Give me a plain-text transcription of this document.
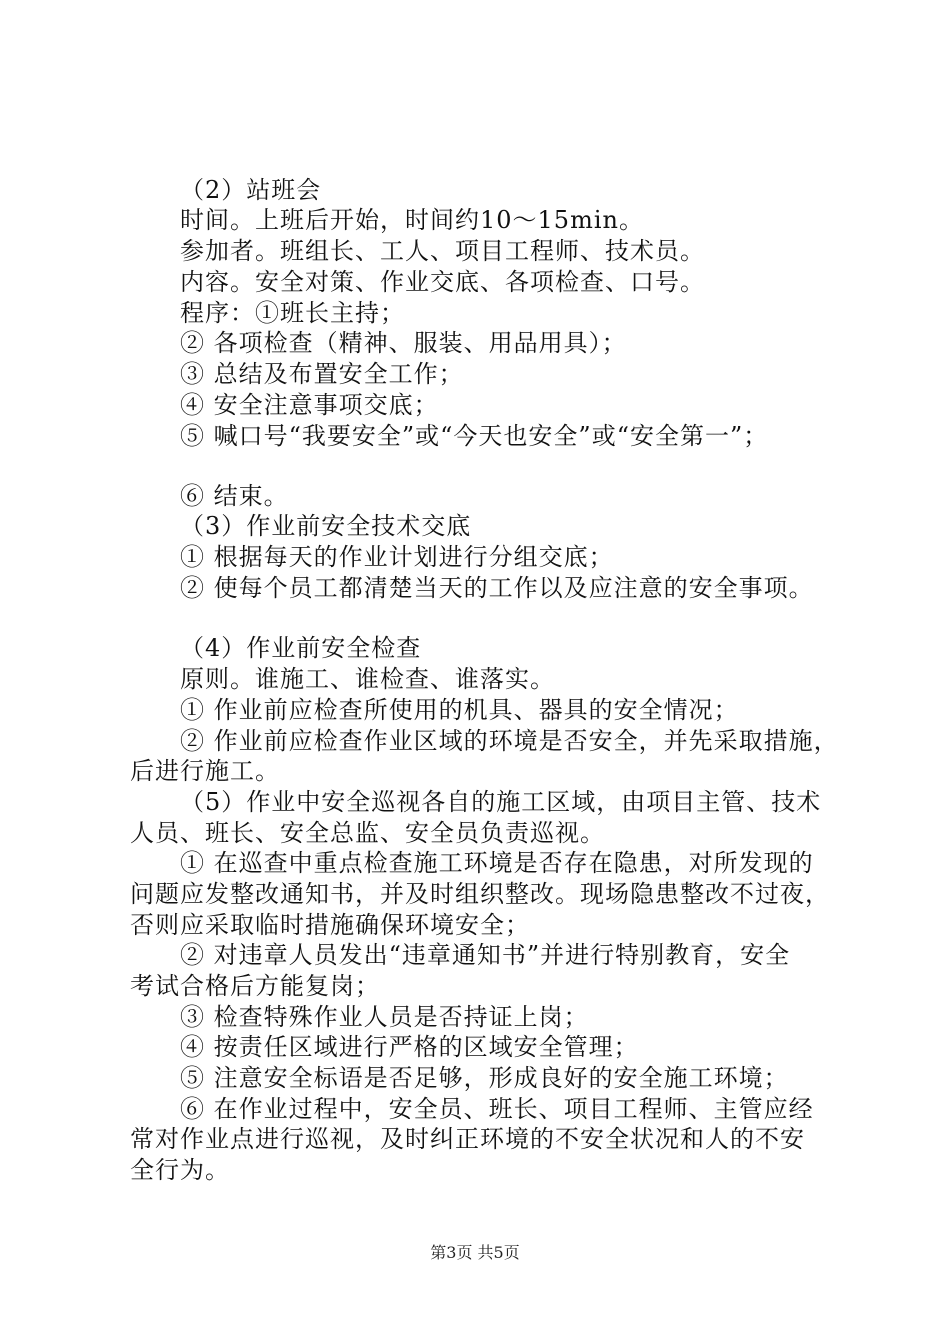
（2）站班会
时间。上班后开始，时间约10～15min。
参加者。班组长、工人、项目工程师、技术员。
内容。安全对策、作业交底、各项检查、口号。
程序：①班长主持；
② 各项检查（精神、服装、用品用具）；
③ 总结及布置安全工作；
④ 安全注意事项交底；
⑤ 喊口号“我要安全”或“今天也安全”或“安全第一”；
⑥ 结束。
（3）作业前安全技术交底
① 根据每天的作业计划进行分组交底；
② 使每个员工都清楚当天的工作以及应注意的安全事项。
（4）作业前安全检查
原则。谁施工、谁检查、谁落实。
① 作业前应检查所使用的机具、器具的安全情况；
② 作业前应检查作业区域的环境是否安全，并先采取措施，
后进行施工。
（5）作业中安全巡视各自的施工区域，由项目主管、技术
人员、班长、安全总监、安全员负责巡视。
① 在巡查中重点检查施工环境是否存在隐患，对所发现的
问题应发整改通知书，并及时组织整改。现场隐患整改不过夜，
否则应采取临时措施确保环境安全；
② 对违章人员发出“违章通知书”并进行特别教育，安全
考试合格后方能复岗；
③ 检查特殊作业人员是否持证上岗；
④ 按责任区域进行严格的区域安全管理；
⑤ 注意安全标语是否足够，形成良好的安全施工环境；
⑥ 在作业过程中，安全员、班长、项目工程师、主管应经
常对作业点进行巡视，及时纠正环境的不安全状况和人的不安
全行为。
第3页 共5页
